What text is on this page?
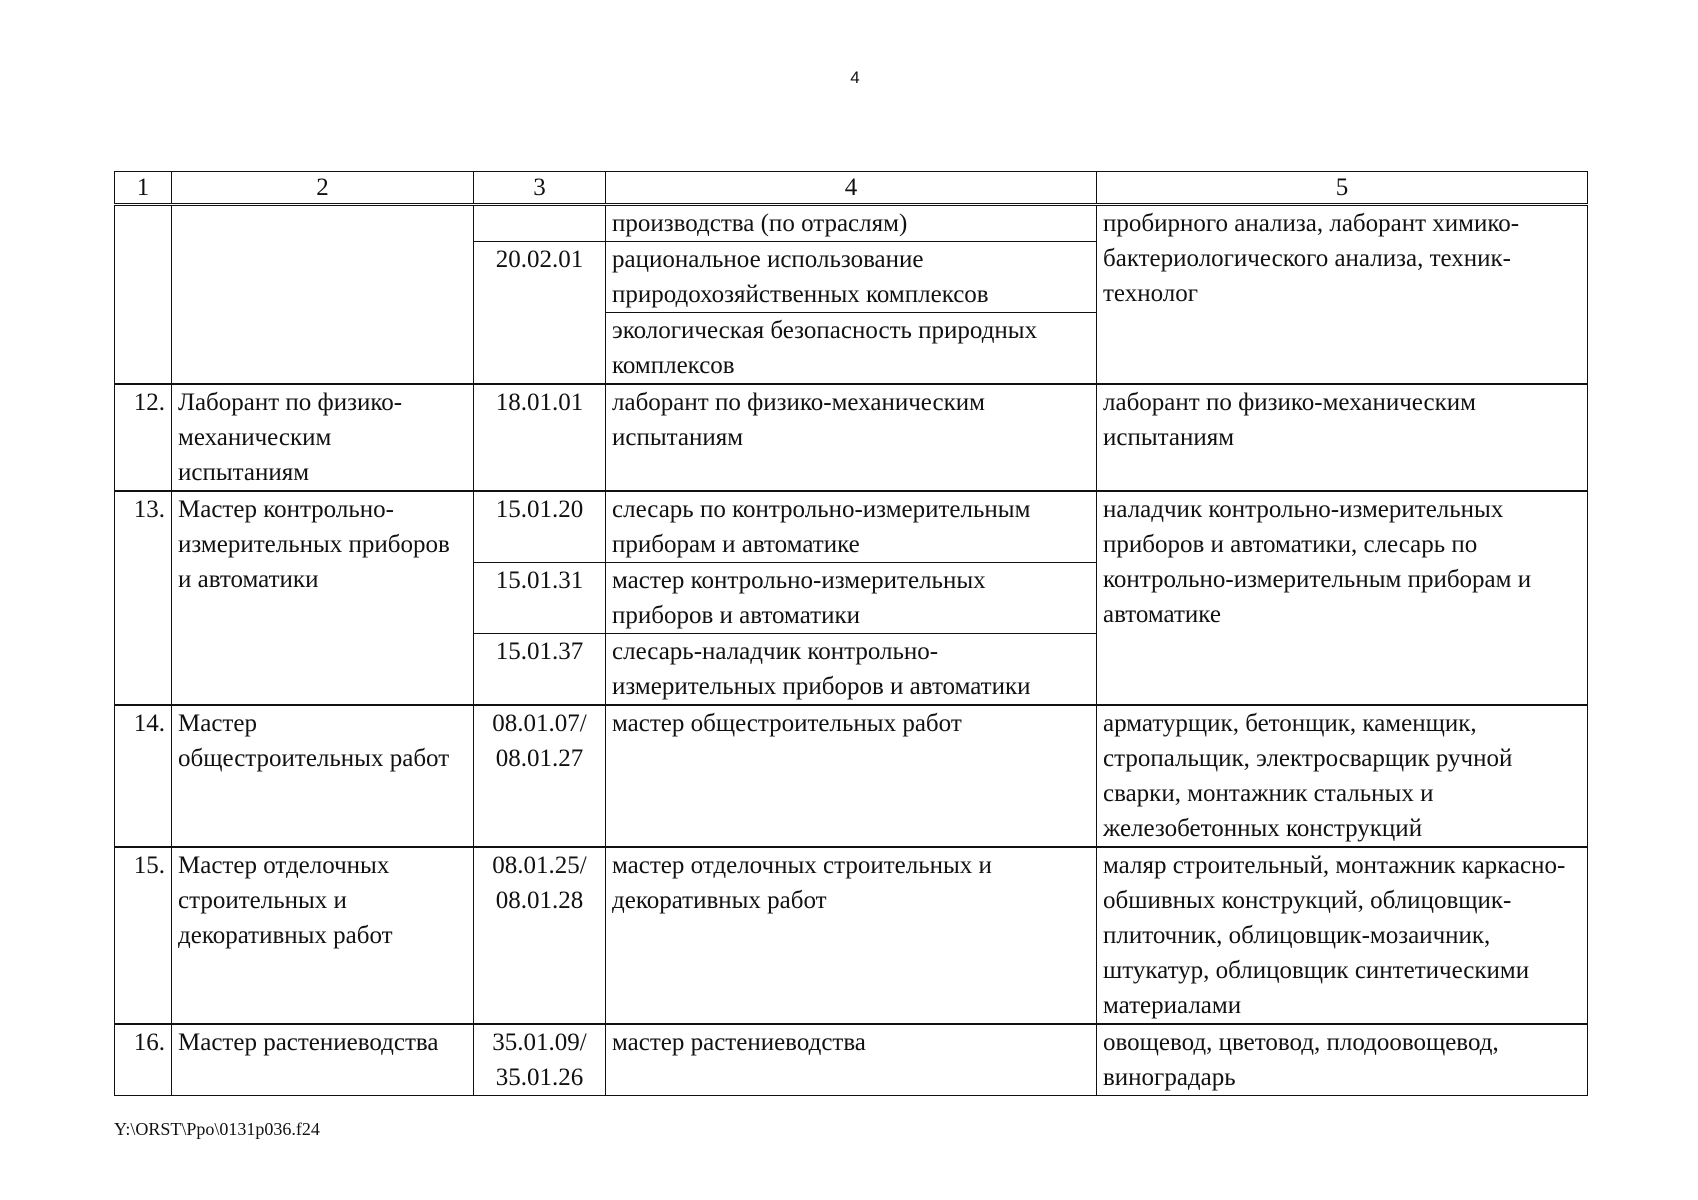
4
1	2	3	4	5
			производства (по отраслям)	пробирного анализа, лаборант химико-бактериологического анализа, техник-технолог
		20.02.01	рациональное использование природохозяйственных комплексов	
			экологическая безопасность природных комплексов	
12.	Лаборант по физико-механическим испытаниям	18.01.01	лаборант по физико-механическим испытаниям	лаборант по физико-механическим испытаниям
13.	Мастер контрольно-измерительных приборов и автоматики	15.01.20	слесарь по контрольно-измерительным приборам и автоматике	наладчик контрольно-измерительных приборов и автоматики, слесарь по контрольно-измерительным приборам и автоматике
		15.01.31	мастер контрольно-измерительных приборов и автоматики	
		15.01.37	слесарь-наладчик контрольно-измерительных приборов и автоматики	
14.	Мастер общестроительных работ	08.01.07/ 08.01.27	мастер общестроительных работ	арматурщик, бетонщик, каменщик, стропальщик, электросварщик ручной сварки, монтажник стальных и железобетонных конструкций
15.	Мастер отделочных строительных и декоративных работ	08.01.25/ 08.01.28	мастер отделочных строительных и декоративных работ	маляр строительный, монтажник каркасно-обшивных конструкций, облицовщик-плиточник, облицовщик-мозаичник, штукатур, облицовщик синтетическими материалами
16.	Мастер растениеводства	35.01.09/ 35.01.26	мастер растениеводства	овощевод, цветовод, плодоовощевод, виноградарь
Y:\ORST\Ppo\0131p036.f24
